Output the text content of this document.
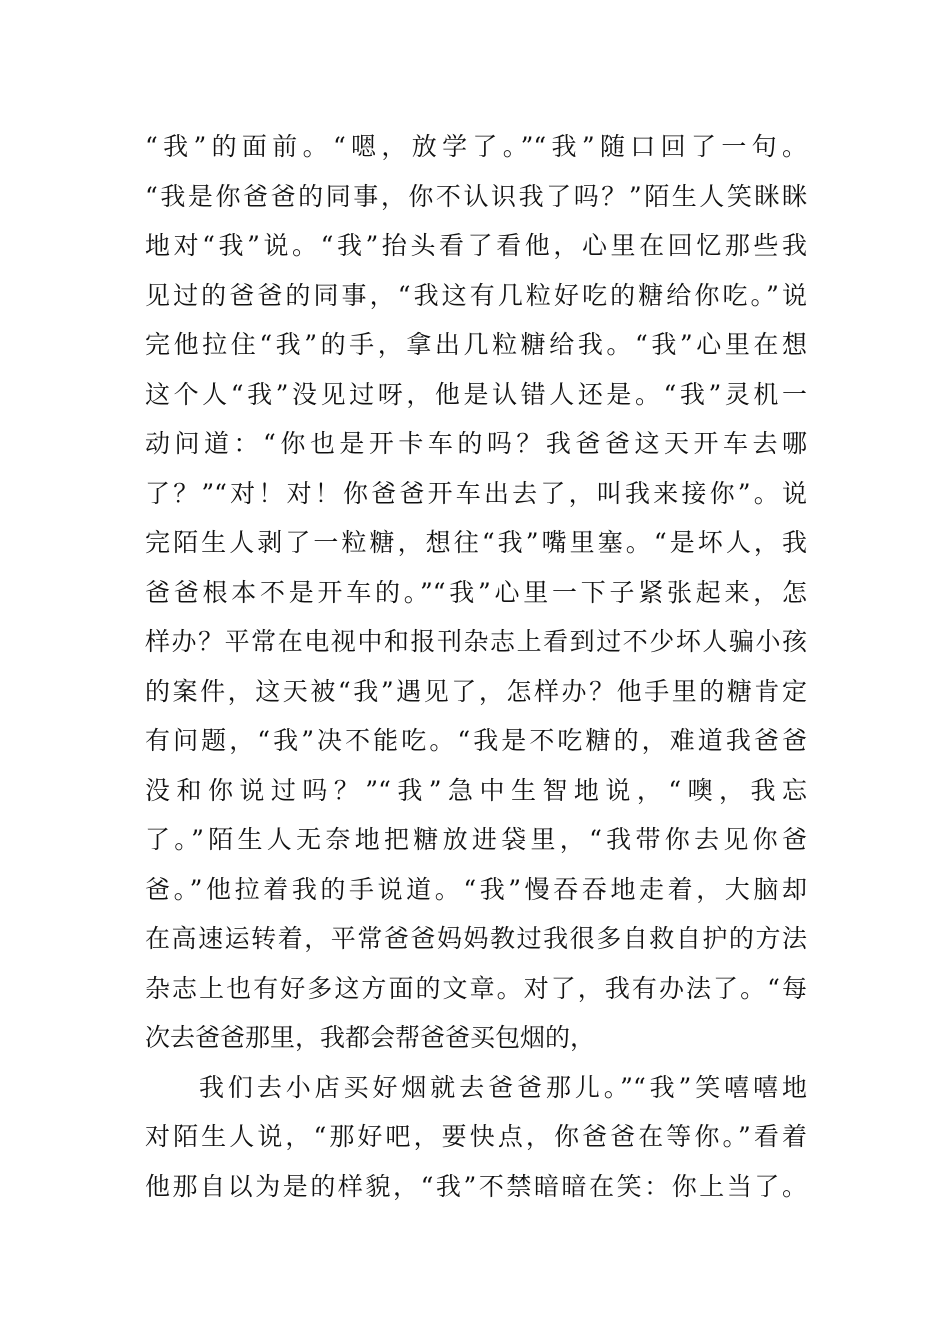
“我”的面前。“嗯，放学了。”“我”随口回了一句。
“我是你爸爸的同事，你不认识我了吗？”陌生人笑眯眯
地对“我”说。“我”抬头看了看他，心里在回忆那些我
见过的爸爸的同事，“我这有几粒好吃的糖给你吃。”说
完他拉住“我”的手，拿出几粒糖给我。“我”心里在想
这个人“我”没见过呀，他是认错人还是。“我”灵机一
动问道：“你也是开卡车的吗？我爸爸这天开车去哪
了？”“对！对！你爸爸开车出去了，叫我来接你”。说
完陌生人剥了一粒糖，想往“我”嘴里塞。“是坏人，我
爸爸根本不是开车的。”“我”心里一下子紧张起来，怎
样办？平常在电视中和报刊杂志上看到过不少坏人骗小孩
的案件，这天被“我”遇见了，怎样办？他手里的糖肯定
有问题，“我”决不能吃。“我是不吃糖的，难道我爸爸
没和你说过吗？”“我”急中生智地说，“噢，我忘
了。”陌生人无奈地把糖放进袋里，“我带你去见你爸
爸。”他拉着我的手说道。“我”慢吞吞地走着，大脑却
在高速运转着，平常爸爸妈妈教过我很多自救自护的方法
杂志上也有好多这方面的文章。对了，我有办法了。“每
次去爸爸那里，我都会帮爸爸买包烟的，
我们去小店买好烟就去爸爸那儿。”“我”笑嘻嘻地
对陌生人说，“那好吧，要快点，你爸爸在等你。”看着
他那自以为是的样貌，“我”不禁暗暗在笑：你上当了。
